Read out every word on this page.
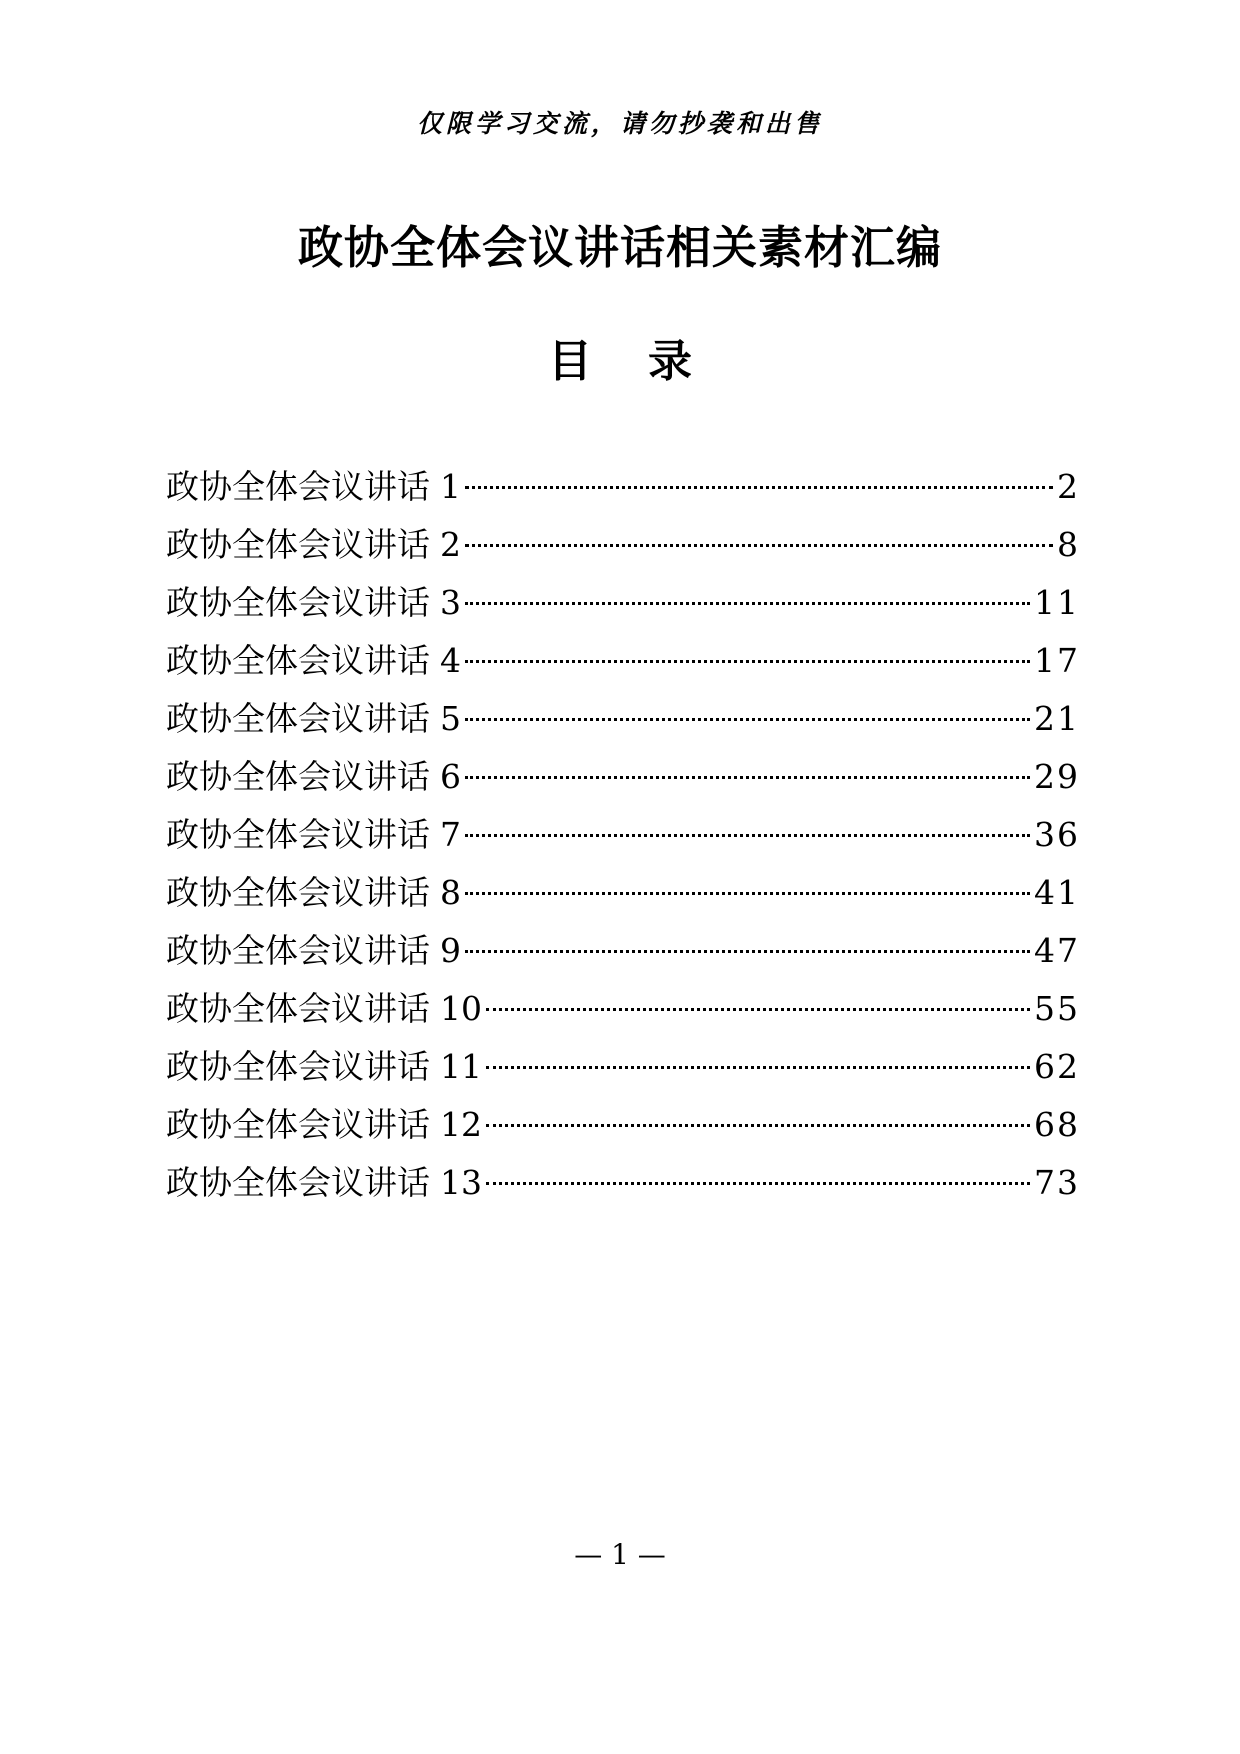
仅限学习交流，请勿抄袭和出售
政协全体会议讲话相关素材汇编
目 录
政协全体会议讲话 1	2
政协全体会议讲话 2	8
政协全体会议讲话 3	11
政协全体会议讲话 4	17
政协全体会议讲话 5	21
政协全体会议讲话 6	29
政协全体会议讲话 7	36
政协全体会议讲话 8	41
政协全体会议讲话 9	47
政协全体会议讲话 10	55
政协全体会议讲话 11	62
政协全体会议讲话 12	68
政协全体会议讲话 13	73
— 1 —
